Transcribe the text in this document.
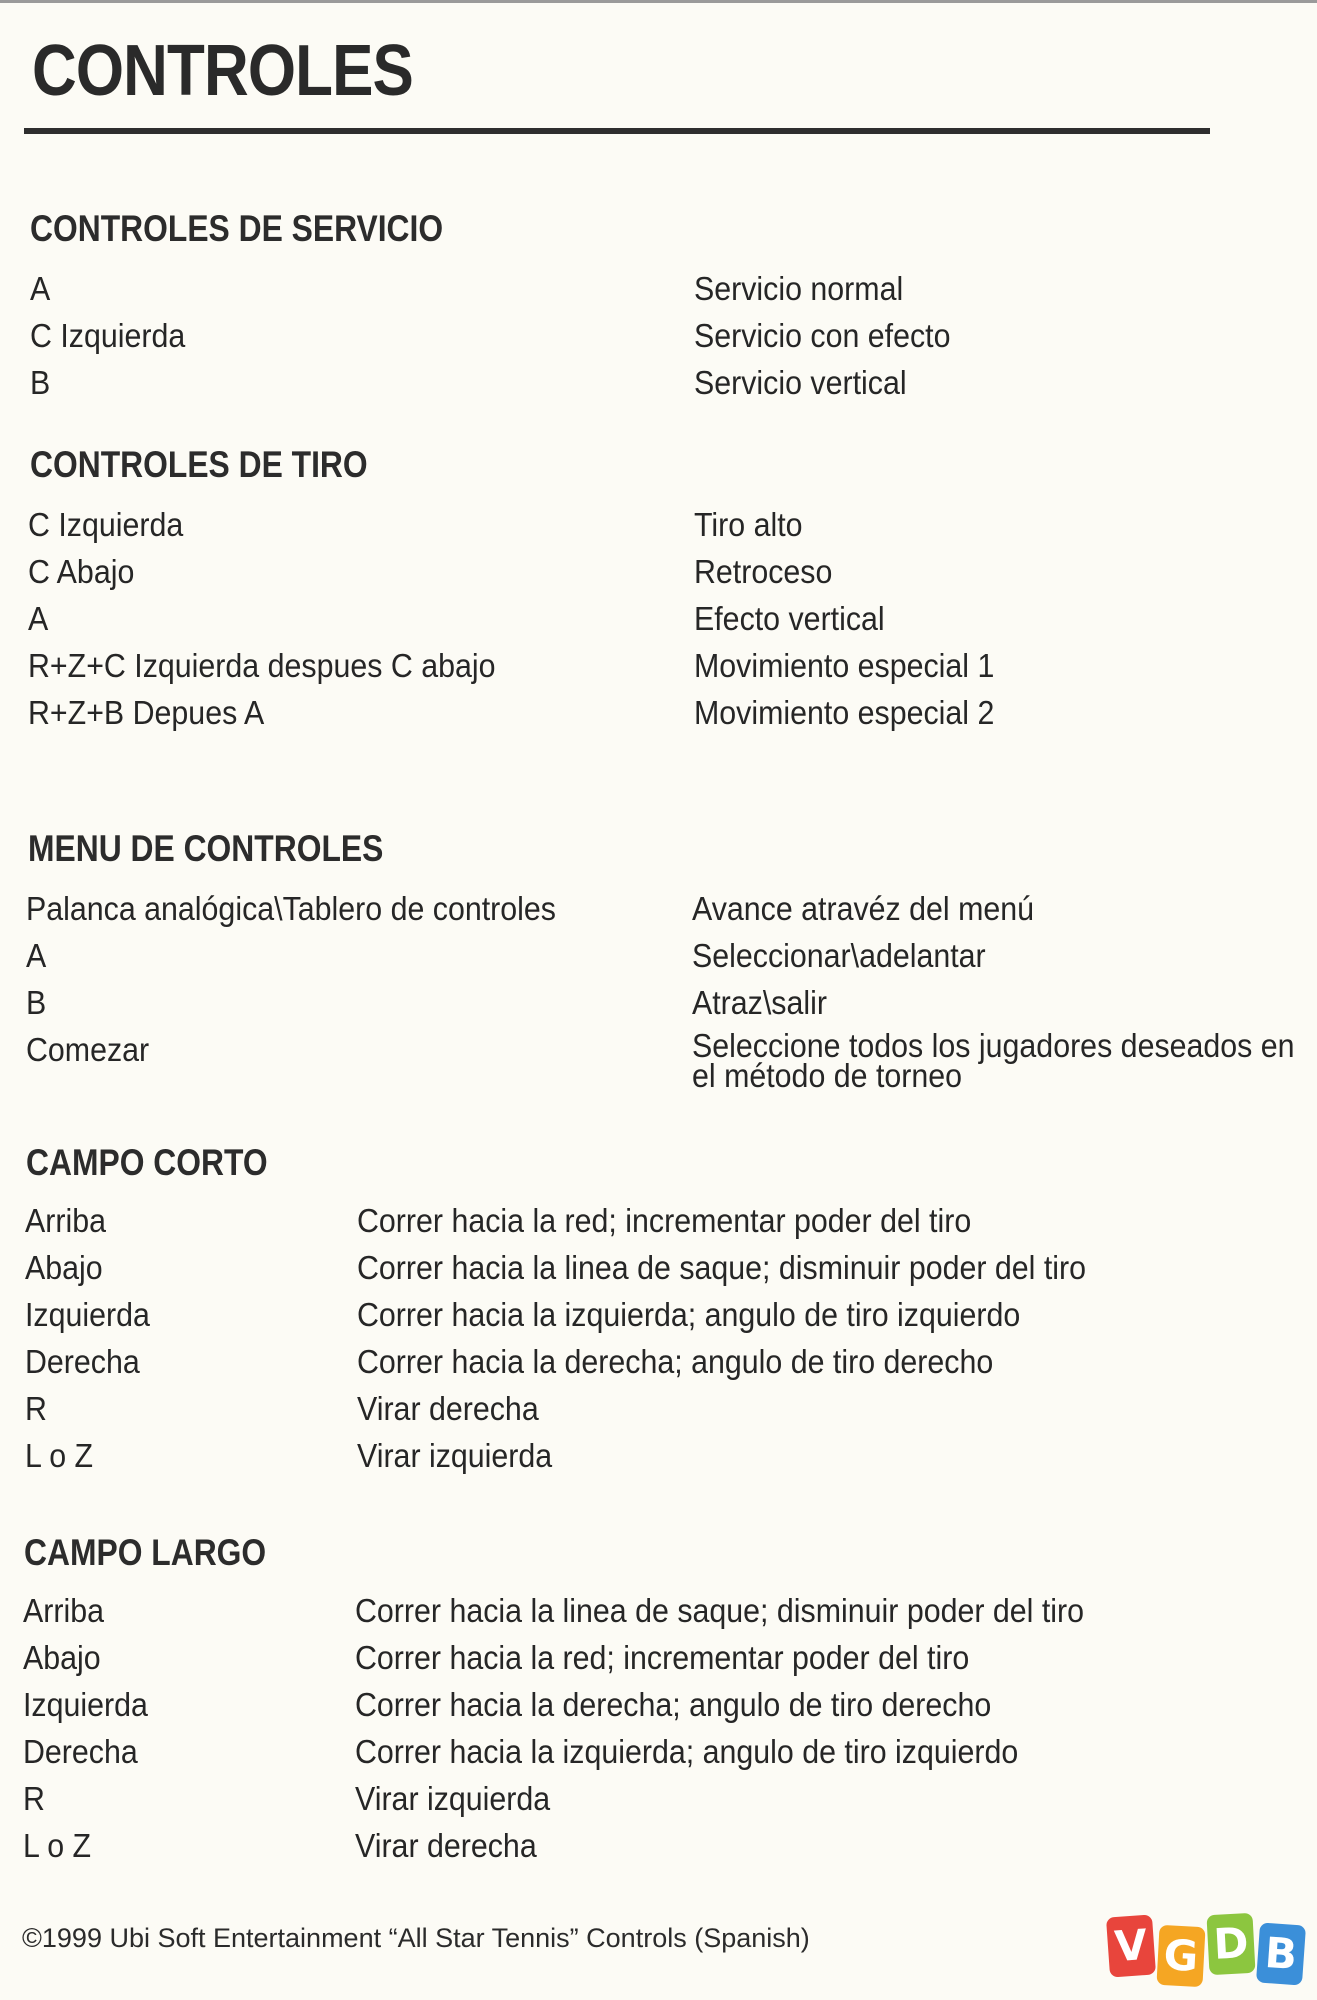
CONTROLES
CONTROLES DE SERVICIO
A	Servicio normal
C Izquierda	Servicio con efecto
B	Servicio vertical
CONTROLES DE TIRO
C Izquierda	Tiro alto
C Abajo	Retroceso
A	Efecto vertical
R+Z+C Izquierda despues C abajo	Movimiento especial 1
R+Z+B Depues A	Movimiento especial 2
MENU DE CONTROLES
Palanca analógica\Tablero de controles	Avance atravéz del menú
A	Seleccionar\adelantar
B	Atraz\salir
Comezar	Seleccione todos los jugadores deseados en el método de torneo
CAMPO CORTO
Arriba	Correr hacia la red; incrementar poder del tiro
Abajo	Correr hacia la linea de saque; disminuir poder del tiro
Izquierda	Correr hacia la izquierda; angulo de tiro izquierdo
Derecha	Correr hacia la derecha; angulo de tiro derecho
R	Virar derecha
L o Z	Virar izquierda
CAMPO LARGO
Arriba	Correr hacia la linea de saque; disminuir poder del tiro
Abajo	Correr hacia la red; incrementar poder del tiro
Izquierda	Correr hacia la derecha; angulo de tiro derecho
Derecha	Correr hacia la izquierda; angulo de tiro izquierdo
R	Virar izquierda
L o Z	Virar derecha
©1999 Ubi Soft Entertainment “All Star Tennis” Controls (Spanish)	V G D B
